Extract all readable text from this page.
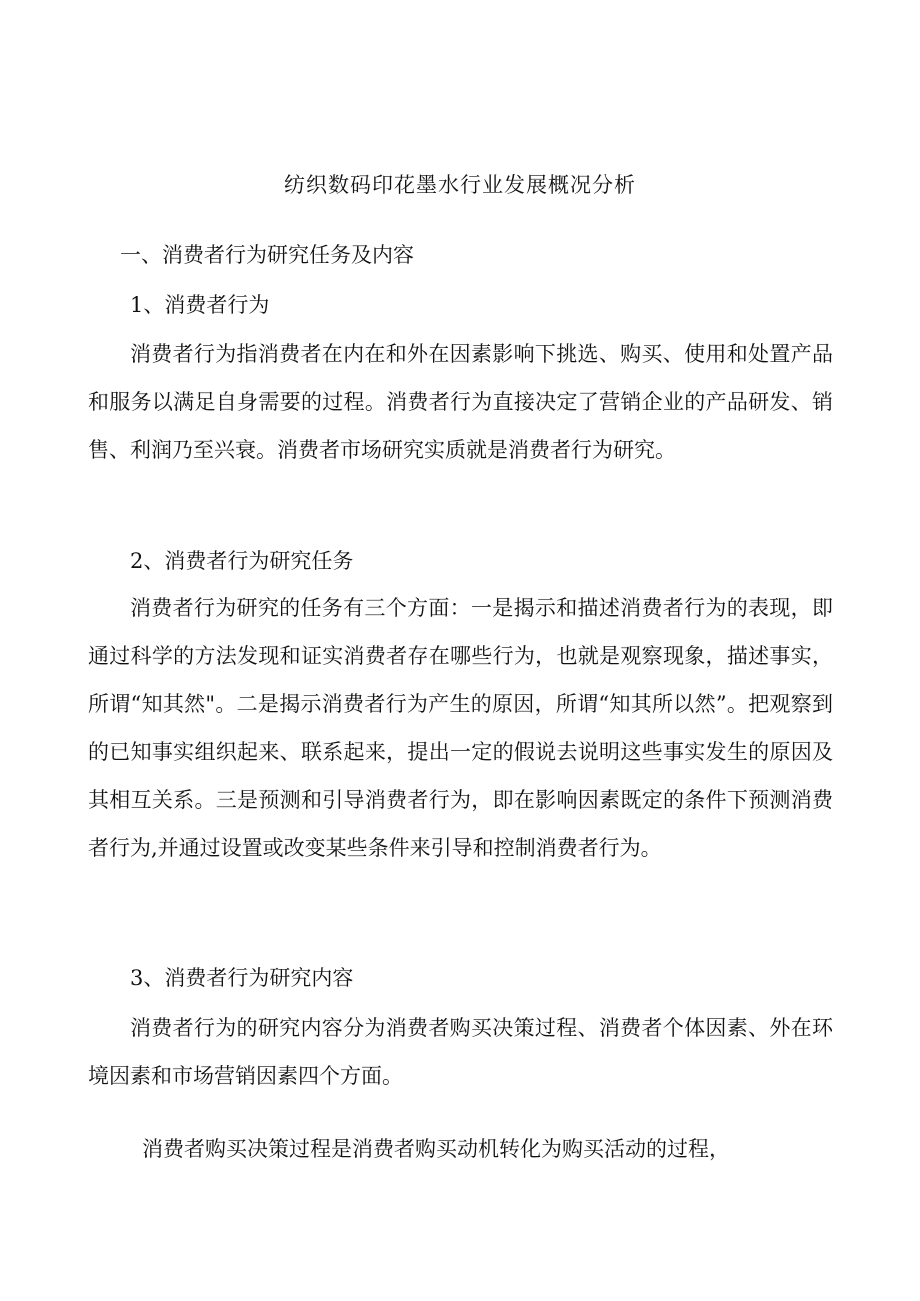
纺织数码印花墨水行业发展概况分析

一、消费者行为研究任务及内容

1、消费者行为

消费者行为指消费者在内在和外在因素影响下挑选、购买、使用和处置产品和服务以满足自身需要的过程。消费者行为直接决定了营销企业的产品研发、销售、利润乃至兴衰。消费者市场研究实质就是消费者行为研究。

2、消费者行为研究任务

消费者行为研究的任务有三个方面：一是揭示和描述消费者行为的表现，即通过科学的方法发现和证实消费者存在哪些行为，也就是观察现象，描述事实，所谓“知其然"。二是揭示消费者行为产生的原因，所谓“知其所以然”。把观察到的已知事实组织起来、联系起来，提出一定的假说去说明这些事实发生的原因及其相互关系。三是预测和引导消费者行为，即在影响因素既定的条件下预测消费者行为,并通过设置或改变某些条件来引导和控制消费者行为。

3、消费者行为研究内容

消费者行为的研究内容分为消费者购买决策过程、消费者个体因素、外在环境因素和市场营销因素四个方面。

消费者购买决策过程是消费者购买动机转化为购买活动的过程，
